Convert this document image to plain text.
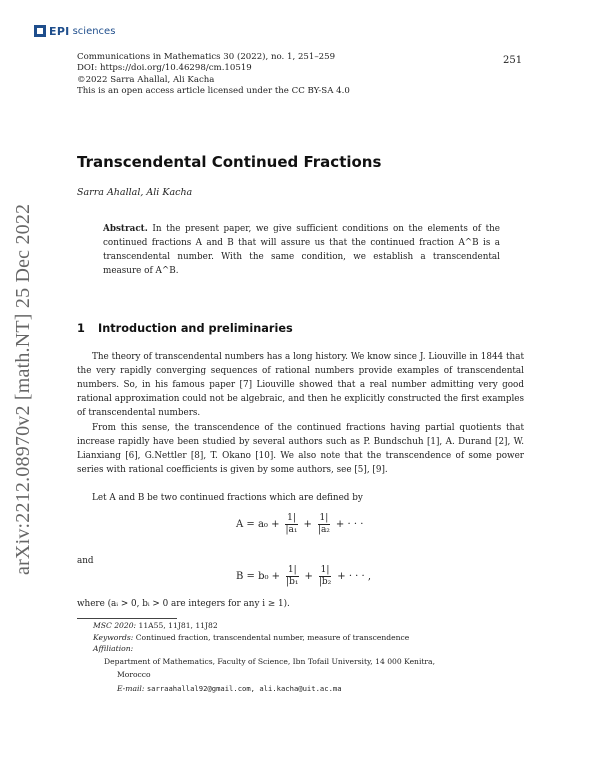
EPI sciences
arXiv:2212.08970v2 [math.NT] 25 Dec 2022
Communications in Mathematics 30 (2022), no. 1, 251–259
DOI: https://doi.org/10.46298/cm.10519
©2022 Sarra Ahallal, Ali Kacha
This is an open access article licensed under the CC BY-SA 4.0
251
Transcendental Continued Fractions
Sarra Ahallal, Ali Kacha
Abstract. In the present paper, we give sufficient conditions on the elements of the continued fractions A and B that will assure us that the continued fraction A^B is a transcendental number. With the same condition, we establish a transcendental measure of A^B.
1 Introduction and preliminaries
The theory of transcendental numbers has a long history. We know since J. Liouville in 1844 that the very rapidly converging sequences of rational numbers provide examples of transcendental numbers. So, in his famous paper [7] Liouville showed that a real number admitting very good rational approximation could not be algebraic, and then he explicitly constructed the first examples of transcendental numbers.
From this sense, the transcendence of the continued fractions having partial quotients that increase rapidly have been studied by several authors such as P. Bundschuh [1], A. Durand [2], W. Lianxiang [6], G.Nettler [8], T. Okano [10]. We also note that the transcendence of some power series with rational coefficients is given by some authors, see [5], [9].
Let A and B be two continued fractions which are defined by
$A = a_0 + \frac{1|}{\text{|a₁}} + \frac{1|}{\text{|a₂}}$ + · · ·
and
$B = b_0 + \frac{1|}{\text{|b₁}} + \frac{1|}{\text{|b₂}}$ + · · · ,
where (aᵢ > 0, bᵢ > 0 are integers for any i ≥ 1).
MSC 2020: 11A55, 11J81, 11J82
Keywords: Continued fraction, transcendental number, measure of transcendence
Affiliation:
Department of Mathematics, Faculty of Science, Ibn Tofail University, 14 000 Kenitra,
Morocco
E-mail: sarraahallal92@gmail.com, ali.kacha@uit.ac.ma
